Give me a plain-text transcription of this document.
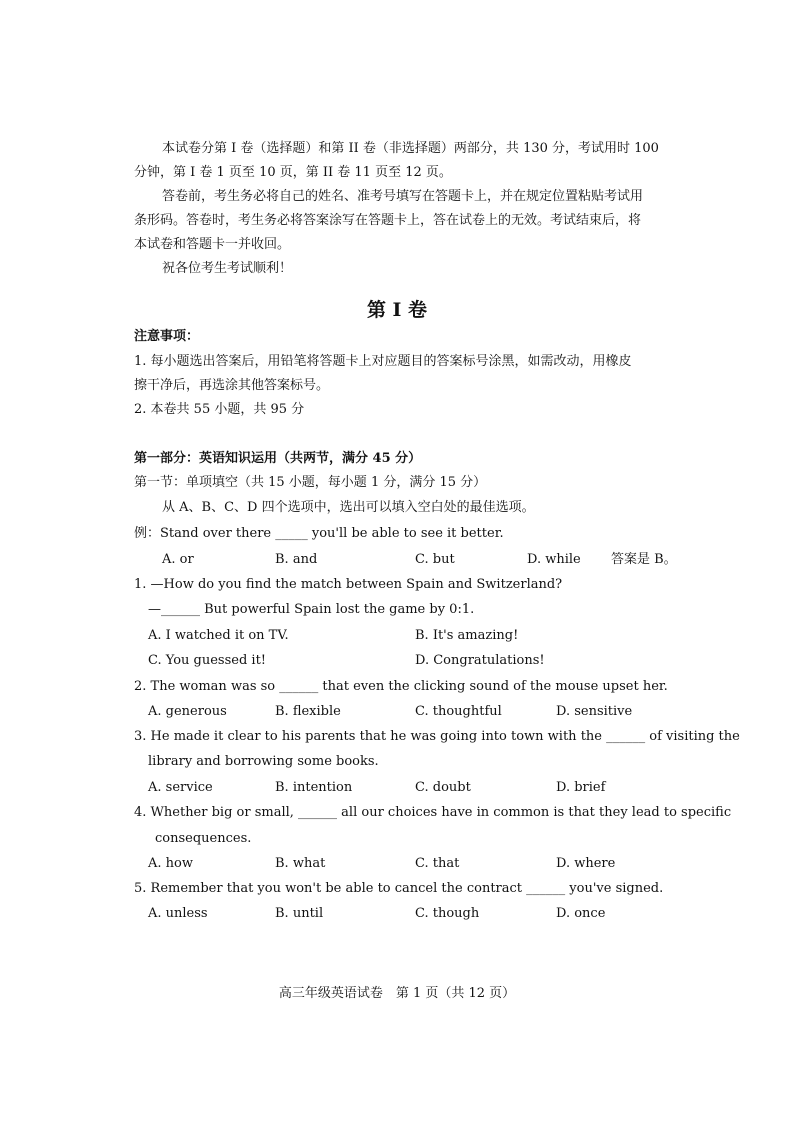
本试卷分第 I 卷（选择题）和第 II 卷（非选择题）两部分，共 130 分，考试用时 100
分钟，第 I 卷 1 页至 10 页，第 II 卷 11 页至 12 页。
答卷前，考生务必将自己的姓名、准考号填写在答题卡上，并在规定位置粘贴考试用
条形码。答卷时，考生务必将答案涂写在答题卡上，答在试卷上的无效。考试结束后，将
本试卷和答题卡一并收回。
祝各位考生考试顺利！
第 I 卷
注意事项：
1. 每小题选出答案后，用铅笔将答题卡上对应题目的答案标号涂黑，如需改动，用橡皮
擦干净后，再选涂其他答案标号。
2. 本卷共 55 小题，共 95 分
第一部分：英语知识运用（共两节，满分 45 分）
第一节：单项填空（共 15 小题，每小题 1 分，满分 15 分）
从 A、B、C、D 四个选项中，选出可以填入空白处的最佳选项。
例：Stand over there _____ you'll be able to see it better.
A. or	B. and	C. but	D. while 答案是 B。
1. —How do you find the match between Spain and Switzerland?
—______ But powerful Spain lost the game by 0:1.
A. I watched it on TV.	B. It's amazing!
C. You guessed it!	D. Congratulations!
2. The woman was so ______ that even the clicking sound of the mouse upset her.
A. generous	B. flexible	C. thoughtful	D. sensitive
3. He made it clear to his parents that he was going into town with the ______ of visiting the
library and borrowing some books.
A. service	B. intention	C. doubt	D. brief
4. Whether big or small, ______ all our choices have in common is that they lead to specific
consequences.
A. how	B. what	C. that	D. where
5. Remember that you won't be able to cancel the contract ______ you've signed.
A. unless	B. until	C. though	D. once
高三年级英语试卷　第 1 页（共 12 页）
